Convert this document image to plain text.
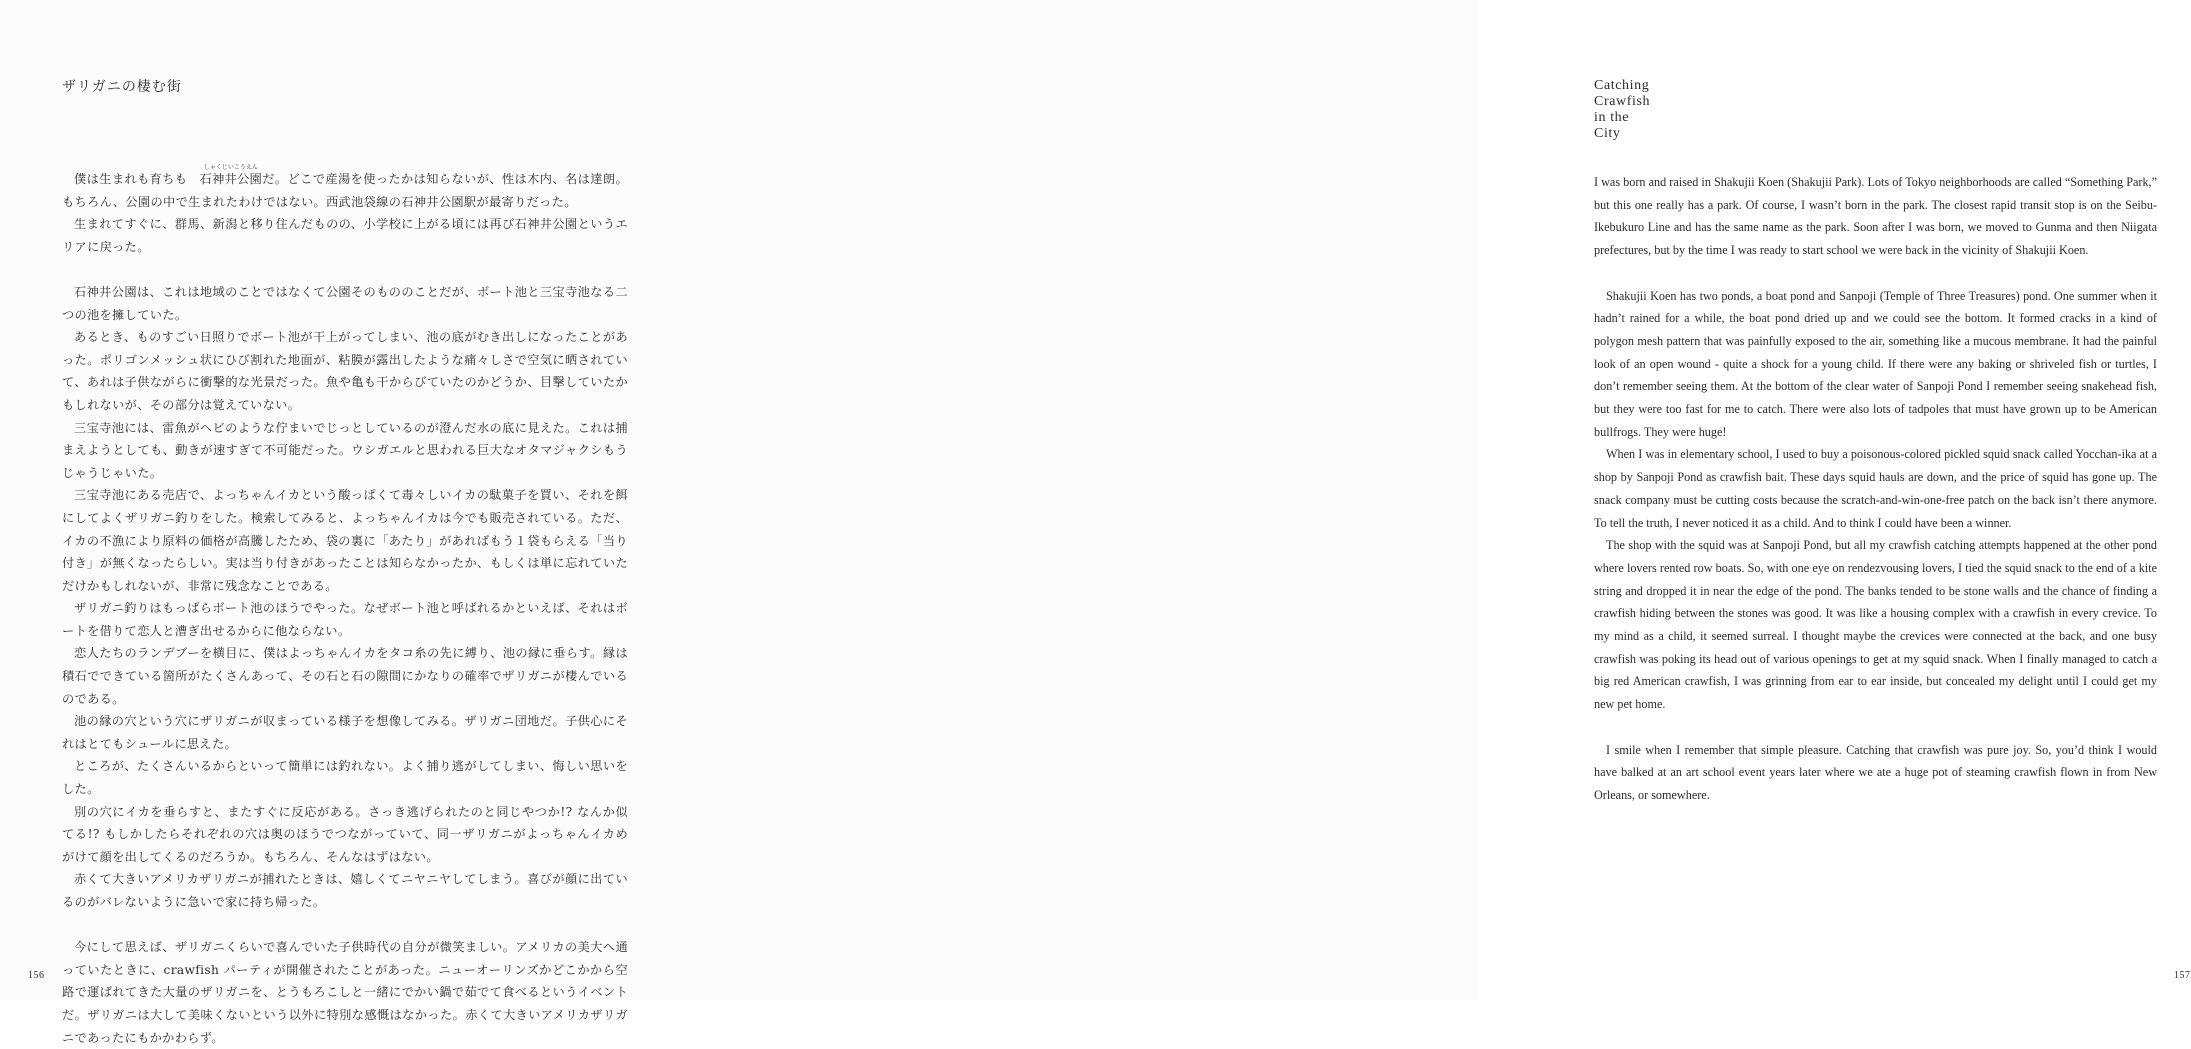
ザリガニの棲む街

僕は生まれも育ちも
しゃくじいこうえん
石神井公園だ。どこで産湯を使ったかは知らないが、性は木内、名は達朗。もちろん、公園の中で生まれたわけではない。西武池袋線の石神井公園駅が最寄りだった。

生まれてすぐに、群馬、新潟と移り住んだものの、小学校に上がる頃には再び石神井公園というエリアに戻った。

石神井公園は、これは地域のことではなくて公園そのもののことだが、ボート池と三宝寺池なる二つの池を擁していた。

あるとき、ものすごい日照りでボート池が干上がってしまい、池の底がむき出しになったことがあった。ポリゴンメッシュ状にひび割れた地面が、粘膜が露出したような痛々しさで空気に晒されていて、あれは子供ながらに衝撃的な光景だった。魚や亀も干からびていたのかどうか、目撃していたかもしれないが、その部分は覚えていない。

三宝寺池には、雷魚がヘビのような佇まいでじっとしているのが澄んだ水の底に見えた。これは捕まえようとしても、動きが速すぎて不可能だった。ウシガエルと思われる巨大なオタマジャクシもうじゃうじゃいた。

三宝寺池にある売店で、よっちゃんイカという酸っぱくて毒々しいイカの駄菓子を買い、それを餌にしてよくザリガニ釣りをした。検索してみると、よっちゃんイカは今でも販売されている。ただ、イカの不漁により原料の価格が高騰したため、袋の裏に「あたり」があればもう１袋もらえる「当り付き」が無くなったらしい。実は当り付きがあったことは知らなかったか、もしくは単に忘れていただけかもしれないが、非常に残念なことである。

ザリガニ釣りはもっぱらボート池のほうでやった。なぜボート池と呼ばれるかといえば、それはボートを借りて恋人と漕ぎ出せるからに他ならない。

恋人たちのランデブーを横目に、僕はよっちゃんイカをタコ糸の先に縛り、池の縁に垂らす。縁は積石でできている箇所がたくさんあって、その石と石の隙間にかなりの確率でザリガニが棲んでいるのである。

池の縁の穴という穴にザリガニが収まっている様子を想像してみる。ザリガニ団地だ。子供心にそれはとてもシュールに思えた。

ところが、たくさんいるからといって簡単には釣れない。よく捕り逃がしてしまい、悔しい思いをした。

別の穴にイカを垂らすと、またすぐに反応がある。さっき逃げられたのと同じやつか!? なんか似てる!? もしかしたらそれぞれの穴は奥のほうでつながっていて、同一ザリガニがよっちゃんイカめがけて顔を出してくるのだろうか。もちろん、そんなはずはない。

赤くて大きいアメリカザリガニが捕れたときは、嬉しくてニヤニヤしてしまう。喜びが顔に出ているのがバレないように急いで家に持ち帰った。

今にして思えば、ザリガニくらいで喜んでいた子供時代の自分が微笑ましい。アメリカの美大へ通っていたときに、crawfish パーティが開催されたことがあった。ニューオーリンズかどこかから空路で運ばれてきた大量のザリガニを、とうもろこしと一緒にでかい鍋で茹でて食べるというイベントだ。ザリガニは大して美味くないという以外に特別な感慨はなかった。赤くて大きいアメリカザリガニであったにもかかわらず。

156
Catching Crawfish in the City

I was born and raised in Shakujii Koen (Shakujii Park). Lots of Tokyo neighborhoods are called “Something Park,” but this one really has a park. Of course, I wasn’t born in the park. The closest rapid transit stop is on the Seibu-Ikebukuro Line and has the same name as the park. Soon after I was born, we moved to Gunma and then Niigata prefectures, but by the time I was ready to start school we were back in the vicinity of Shakujii Koen.

Shakujii Koen has two ponds, a boat pond and Sanpoji (Temple of Three Treasures) pond. One summer when it hadn’t rained for a while, the boat pond dried up and we could see the bottom. It formed cracks in a kind of polygon mesh pattern that was painfully exposed to the air, something like a mucous membrane. It had the painful look of an open wound - quite a shock for a young child. If there were any baking or shriveled fish or turtles, I don’t remember seeing them. At the bottom of the clear water of Sanpoji Pond I remember seeing snakehead fish, but they were too fast for me to catch. There were also lots of tadpoles that must have grown up to be American bullfrogs. They were huge!

When I was in elementary school, I used to buy a poisonous-colored pickled squid snack called Yocchan-ika at a shop by Sanpoji Pond as crawfish bait. These days squid hauls are down, and the price of squid has gone up. The snack company must be cutting costs because the scratch-and-win-one-free patch on the back isn’t there anymore. To tell the truth, I never noticed it as a child. And to think I could have been a winner.

The shop with the squid was at Sanpoji Pond, but all my crawfish catching attempts happened at the other pond where lovers rented row boats. So, with one eye on rendezvousing lovers, I tied the squid snack to the end of a kite string and dropped it in near the edge of the pond. The banks tended to be stone walls and the chance of finding a crawfish hiding between the stones was good. It was like a housing complex with a crawfish in every crevice. To my mind as a child, it seemed surreal. I thought maybe the crevices were connected at the back, and one busy crawfish was poking its head out of various openings to get at my squid snack. When I finally managed to catch a big red American crawfish, I was grinning from ear to ear inside, but concealed my delight until I could get my new pet home.

I smile when I remember that simple pleasure. Catching that crawfish was pure joy. So, you’d think I would have balked at an art school event years later where we ate a huge pot of steaming crawfish flown in from New Orleans, or somewhere.

157
